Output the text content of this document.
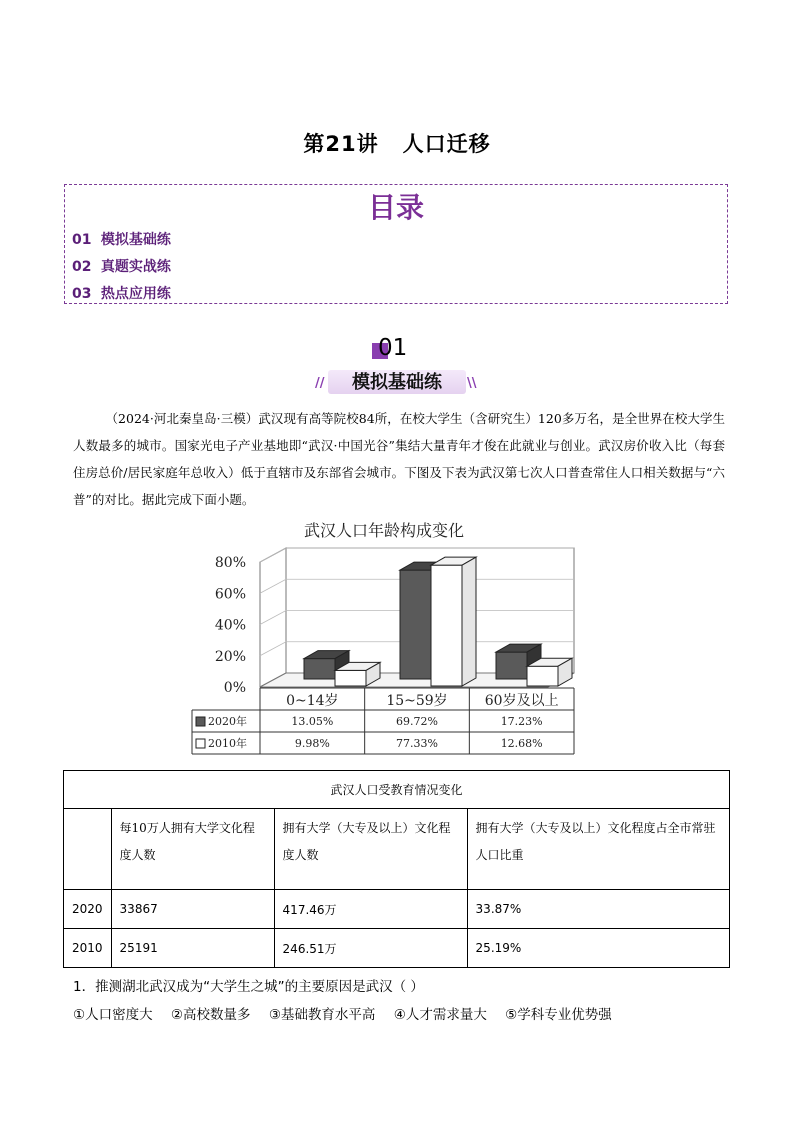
第21讲 人口迁移
目录
01 模拟基础练
02 真题实战练
03 热点应用练
01
//	模拟基础练	\\
（2024·河北秦皇岛·三模）武汉现有高等院校84所，在校大学生（含研究生）120多万名，是全世界在校大学生人数最多的城市。国家光电子产业基地即“武汉·中国光谷”集结大量青年才俊在此就业与创业。武汉房价收入比（每套住房总价/居民家庭年总收入）低于直辖市及东部省会城市。下图及下表为武汉第七次人口普查常住人口相关数据与“六普”的对比。据此完成下面小题。
武汉人口年龄构成变化
0%
20%
40%
60%
80%
0~14岁	15~59岁	60岁及以上
2020年	13.05%	69.72%	17.23%
2010年	9.98%	77.33%	12.68%
武汉人口受教育情况变化			
	每10万人拥有大学文化程度人数	拥有大学（大专及以上）文化程度人数	拥有大学（大专及以上）文化程度占全市常驻人口比重
2020	33867	417.46万	33.87%
2010	25191	246.51万	25.19%
1．推测湖北武汉成为“大学生之城”的主要原因是武汉（ ）
①人口密度大 ②高校数量多 ③基础教育水平高 ④人才需求量大 ⑤学科专业优势强
